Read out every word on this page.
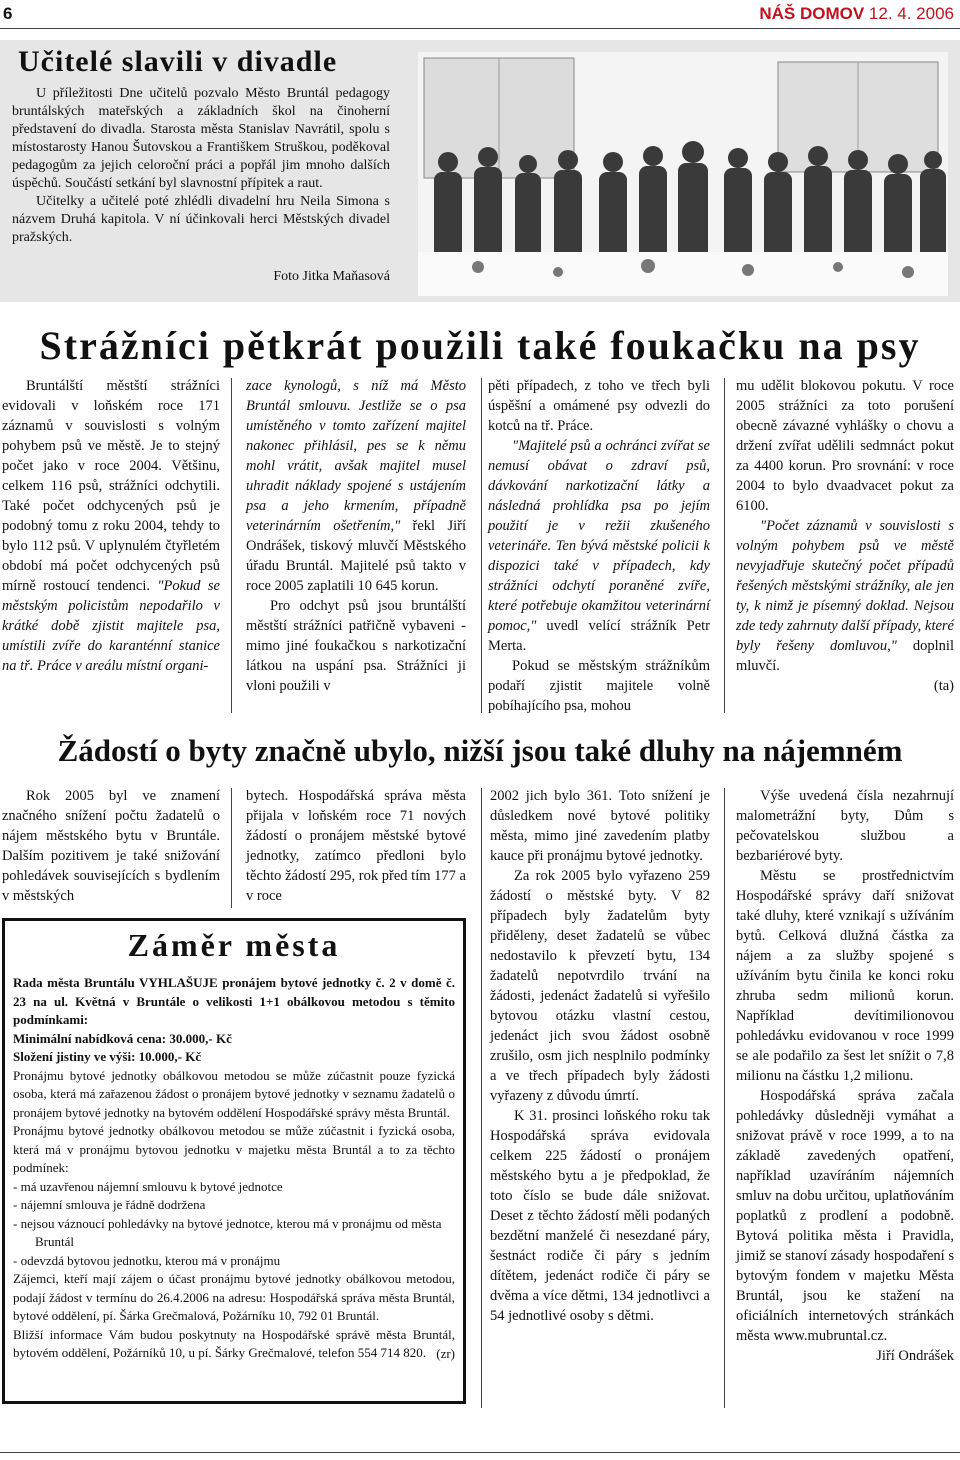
6	NÁŠ DOMOV 12. 4. 2006
Učitelé slavili v divadle

U příležitosti Dne učitelů pozvalo Město Bruntál pedagogy bruntálských mateřských a základních škol na činoherní představení do divadla. Starosta města Stanislav Navrátil, spolu s místostarosty Hanou Šutovskou a Františkem Struškou, poděkoval pedagogům za jejich celoroční práci a popřál jim mnoho dalších úspěchů. Součástí setkání byl slavnostní přípitek a raut.

Učitelky a učitelé poté zhlédli divadelní hru Neila Simona s názvem Druhá kapitola. V ní účinkovali herci Městských divadel pražských.

Foto Jitka Maňasová
Strážníci pětkrát použili také foukačku na psy

Bruntálští městští strážníci evidovali v loňském roce 171 záznamů v souvislosti s volným pohybem psů ve městě. Je to stejný počet jako v roce 2004. Většinu, celkem 116 psů, strážníci odchytili. Také počet odchycených psů je podobný tomu z roku 2004, tehdy to bylo 112 psů. V uplynulém čtyřletém období má počet odchycených psů mírně rostoucí tendenci. "Pokud se městským policistům nepodařilo v krátké době zjistit majitele psa, umístili zvíře do karanténní stanice na tř. Práce v areálu místní organi-

zace kynologů, s níž má Město Bruntál smlouvu. Jestliže se o psa umístěného v tomto zařízení majitel nakonec přihlásil, pes se k němu mohl vrátit, avšak majitel musel uhradit náklady spojené s ustájením psa a jeho krmením, případně veterinárním ošetřením," řekl Jiří Ondrášek, tiskový mluvčí Městského úřadu Bruntál. Majitelé psů takto v roce 2005 zaplatili 10 645 korun.

Pro odchyt psů jsou bruntálští městští strážníci patřičně vybaveni - mimo jiné foukačkou s narkotizační látkou na uspání psa. Strážníci ji vloni použili v

pěti případech, z toho ve třech byli úspěšní a omámené psy odvezli do kotců na tř. Práce.

"Majitelé psů a ochránci zvířat se nemusí obávat o zdraví psů, dávkování narkotizační látky a následná prohlídka psa po jejím použití je v režii zkušeného veterináře. Ten bývá městské policii k dispozici také v případech, kdy strážníci odchytí poraněné zvíře, které potřebuje okamžitou veterinární pomoc," uvedl velící strážník Petr Merta.

Pokud se městským strážníkům podaří zjistit majitele volně pobíhajícího psa, mohou

mu udělit blokovou pokutu. V roce 2005 strážníci za toto porušení obecně závazné vyhlášky o chovu a držení zvířat udělili sedmnáct pokut za 4400 korun. Pro srovnání: v roce 2004 to bylo dvaadvacet pokut za 6100.

"Počet záznamů v souvislosti s volným pohybem psů ve městě nevyjadřuje skutečný počet případů řešených městskými strážníky, ale jen ty, k nimž je písemný doklad. Nejsou zde tedy zahrnuty další případy, které byly řešeny domluvou," doplnil mluvčí.

(ta)

Žádostí o byty značně ubylo, nižší jsou také dluhy na nájemném

Rok 2005 byl ve znamení značného snížení počtu žadatelů o nájem městského bytu v Bruntále. Dalším pozitivem je také snižování pohledávek souvisejících s bydlením v městských

bytech. Hospodářská správa města přijala v loňském roce 71 nových žádostí o pronájem městské bytové jednotky, zatímco předloni bylo těchto žádostí 295, rok před tím 177 a v roce

2002 jich bylo 361. Toto snížení je důsledkem nové bytové politiky města, mimo jiné zavedením platby kauce při pronájmu bytové jednotky.

Za rok 2005 bylo vyřazeno 259 žádostí o městské byty. V 82 případech byly žadatelům byty přiděleny, deset žadatelů se vůbec nedostavilo k převzetí bytu, 134 žadatelů nepotvrdilo trvání na žádosti, jedenáct žadatelů si vyřešilo bytovou otázku vlastní cestou, jedenáct jich svou žádost osobně zrušilo, osm jich nesplnilo podmínky a ve třech případech byly žádosti vyřazeny z důvodu úmrtí.

K 31. prosinci loňského roku tak Hospodářská správa evidovala celkem 225 žádostí o pronájem městského bytu a je předpoklad, že toto číslo se bude dále snižovat. Deset z těchto žádostí měli podaných bezdětní manželé či nesezdané páry, šestnáct rodiče či páry s jedním dítětem, jedenáct rodiče či páry se dvěma a více dětmi, 134 jednotlivci a 54 jednotlivé osoby s dětmi.

Výše uvedená čísla nezahrnují malometrážní byty, Dům s pečovatelskou službou a bezbariérové byty.

Městu se prostřednictvím Hospodářské správy daří snižovat také dluhy, které vznikají s užíváním bytů. Celková dlužná částka za nájem a za služby spojené s užíváním bytu činila ke konci roku zhruba sedm milionů korun. Například devítimilionovou pohledávku evidovanou v roce 1999 se ale podařilo za šest let snížit o 7,8 milionu na částku 1,2 milionu.

Hospodářská správa začala pohledávky důsledněji vymáhat a snižovat právě v roce 1999, a to na základě zavedených opatření, například uzavíráním nájemních smluv na dobu určitou, uplatňováním poplatků z prodlení a podobně. Bytová politika města i Pravidla, jimiž se stanoví zásady hospodaření s bytovým fondem v majetku Města Bruntál, jsou ke stažení na oficiálních internetových stránkách města www.mubruntal.cz.

Jiří Ondrášek

Záměr města

Rada města Bruntálu VYHLAŠUJE pronájem bytové jednotky č. 2 v domě č. 23 na ul. Květná v Bruntále o velikosti 1+1 obálkovou metodou s těmito podmínkami:

Minimální nabídková cena: 30.000,- Kč

Složení jistiny ve výši: 10.000,- Kč

Pronájmu bytové jednotky obálkovou metodou se může zúčastnit pouze fyzická osoba, která má zařazenou žádost o pronájem bytové jednotky v seznamu žadatelů o pronájem bytové jednotky na bytovém oddělení Hospodářské správy města Bruntál.

Pronájmu bytové jednotky obálkovou metodou se může zúčastnit i fyzická osoba, která má v pronájmu bytovou jednotku v majetku města Bruntál a to za těchto podmínek:

- má uzavřenou nájemní smlouvu k bytové jednotce

- nájemní smlouva je řádně dodržena

- nejsou váznoucí pohledávky na bytové jednotce, kterou má v pronájmu od města Bruntál

- odevzdá bytovou jednotku, kterou má v pronájmu

Zájemci, kteří mají zájem o účast pronájmu bytové jednotky obálkovou metodou, podají žádost v termínu do 26.4.2006 na adresu: Hospodářská správa města Bruntál, bytové oddělení, pí. Šárka Grečmalová, Požárníku 10, 792 01 Bruntál.

Bližší informace Vám budou poskytnuty na Hospodářské správě města Bruntál, bytovém oddělení, Požárníků 10, u pí. Šárky Grečmalové, telefon 554 714 820. (zr)
